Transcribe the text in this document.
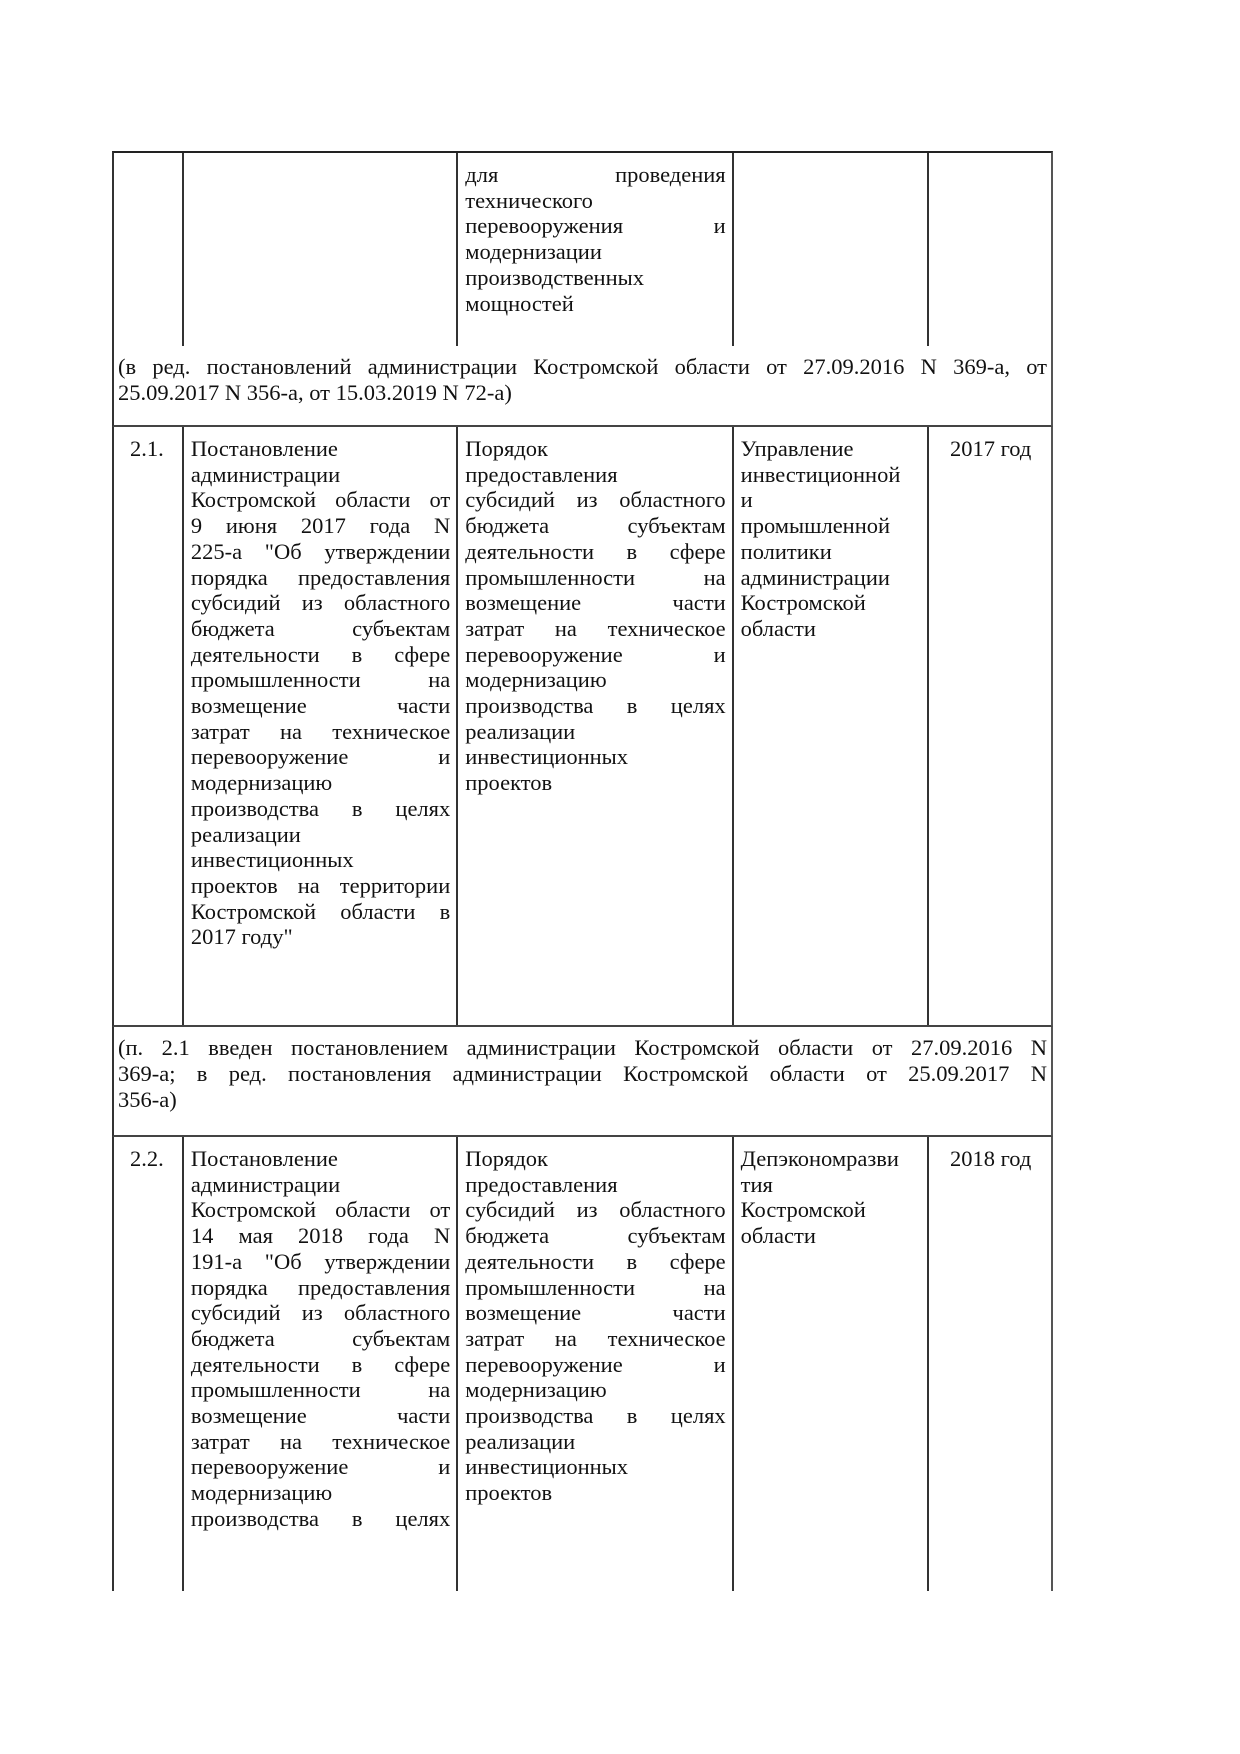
для проведения
технического
перевооружения и
модернизации
производственных
мощностей
(в ред. постановлений администрации Костромской области от 27.09.2016 N 369-а, от
25.09.2017 N 356-а, от 15.03.2019 N 72-а)
2.1.	Постановление
администрации
Костромской области от
9 июня 2017 года N
225-а "Об утверждении
порядка предоставления
субсидий из областного
бюджета субъектам
деятельности в сфере
промышленности на
возмещение части
затрат на техническое
перевооружение и
модернизацию
производства в целях
реализации
инвестиционных
проектов на территории
Костромской области в
2017 году"
Порядок
предоставления
субсидий из областного
бюджета субъектам
деятельности в сфере
промышленности на
возмещение части
затрат на техническое
перевооружение и
модернизацию
производства в целях
реализации
инвестиционных
проектов
Управление
инвестиционной
и
промышленной
политики
администрации
Костромской
области
2017 год
(п. 2.1 введен постановлением администрации Костромской области от 27.09.2016 N
369-а; в ред. постановления администрации Костромской области от 25.09.2017 N
356-а)
2.2.	Постановление
администрации
Костромской области от
14 мая 2018 года N
191-а "Об утверждении
порядка предоставления
субсидий из областного
бюджета субъектам
деятельности в сфере
промышленности на
возмещение части
затрат на техническое
перевооружение и
модернизацию
производства в целях
Порядок
предоставления
субсидий из областного
бюджета субъектам
деятельности в сфере
промышленности на
возмещение части
затрат на техническое
перевооружение и
модернизацию
производства в целях
реализации
инвестиционных
проектов
Депэкономразви
тия
Костромской
области
2018 год
